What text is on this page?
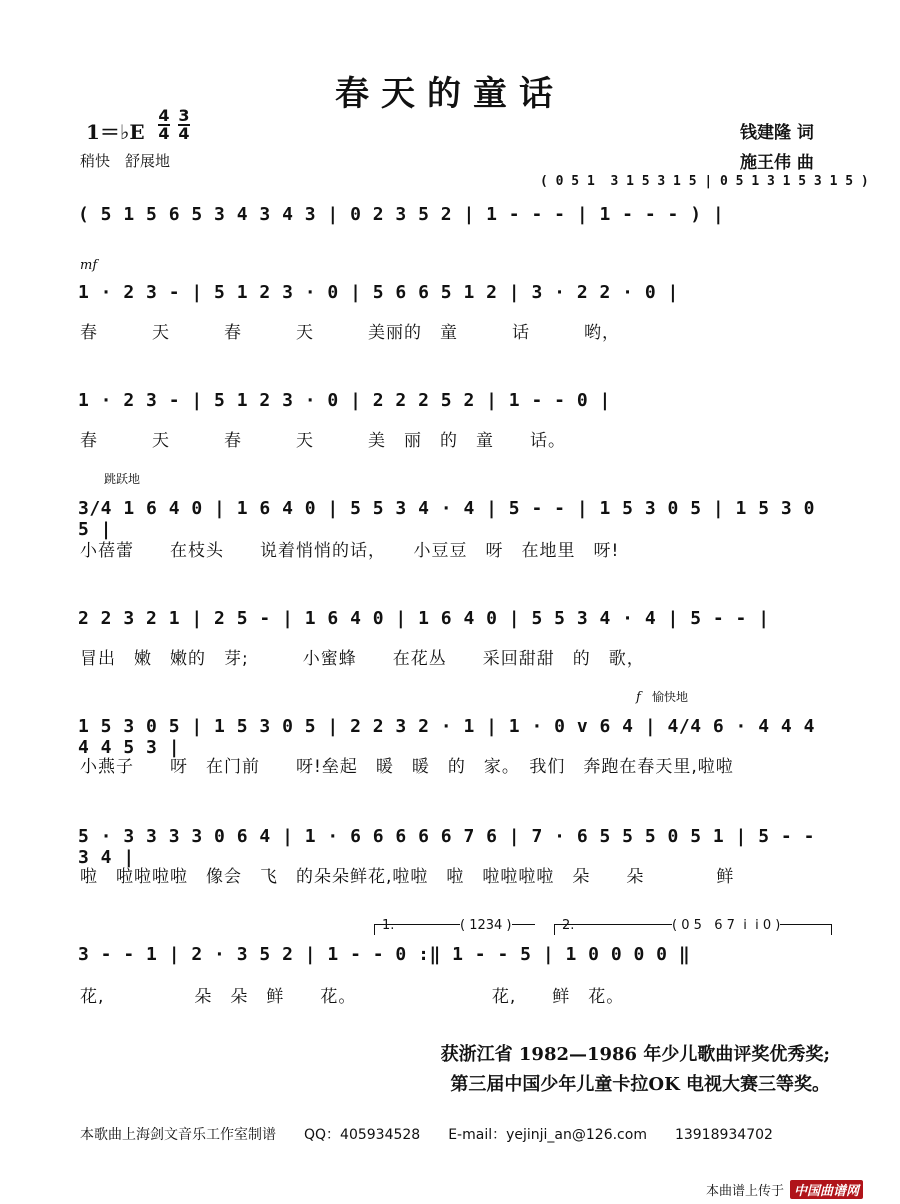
春天的童话
1＝♭E $\frac{4}{4} \frac{3}{4}$
稍快　舒展地
钱建隆 词
施王伟 曲
( 0 5 1  3 1 5 3 1 5 | 0 5 1 3 1 5 3 1 5 )
( 5 1 5 6 5 3 4 3 4 3 | 0 2 3 5 2 | 1 - - - | 1 - - - ) |
mf
1 · 2 3 - | 5 1 2 3 · 0 | 5 6 6 5 1 2 | 3 · 2 2 · 0 |
春　　　天　　　春　　　天　　　美丽的　童　　　话　　　哟，
1 · 2 3 - | 5 1 2 3 · 0 | 2 2 2 5 2 | 1 - - 0 |
春　　　天　　　春　　　天　　　美　丽　的　童　　话。
跳跃地
3/4 1 6 4 0 | 1 6 4 0 | 5 5 3 4 · 4 | 5 - - | 1 5 3 0 5 | 1 5 3 0 5 |
小蓓蕾　　在枝头　　说着悄悄的话，　　小豆豆　呀　在地里　呀!
2 2 3 2 1 | 2 5 - | 1 6 4 0 | 1 6 4 0 | 5 5 3 4 · 4 | 5 - - |
冒出　嫩　嫩的　芽;　　　小蜜蜂　　在花丛　　采回甜甜　的　歌，
f 愉快地
1 5 3 0 5 | 1 5 3 0 5 | 2 2 3 2 · 1 | 1 · 0 v 6 4 | 4/4 6 · 4 4 4 4 4 5 3 |
小燕子　　呀　在门前　　呀!垒起　暖　暖　的　家。　我们　奔跑在春天里,啦啦
5 · 3 3 3 3 0 6 4 | 1 · 6 6 6 6 6 7 6 | 7 · 6 5 5 5 0 5 1 | 5 - - 3 4 |
啦　啦啦啦啦　像会　飞　的朵朵鲜花,啦啦　啦　啦啦啦啦　朵　　朵　　　　鲜
1.	( 1234 )	2.	( 0 5   6 7  i  i 0 )
3 - - 1 | 2 · 3 5 2 | 1 - - 0 :‖ 1 - - 5 | 1 0 0 0 0 ‖
花,　　　　　朵　朵　鲜　　花。　　　　　　　　花,　　鲜　花。
获浙江省 1982—1986 年少儿歌曲评奖优秀奖;
第三届中国少年儿童卡拉OK 电视大赛三等奖。
本歌曲上海剑文音乐工作室制谱　　QQ：405934528　　E-mail：yejinji_an@126.com　　13918934702
本曲谱上传于 中国曲谱网
